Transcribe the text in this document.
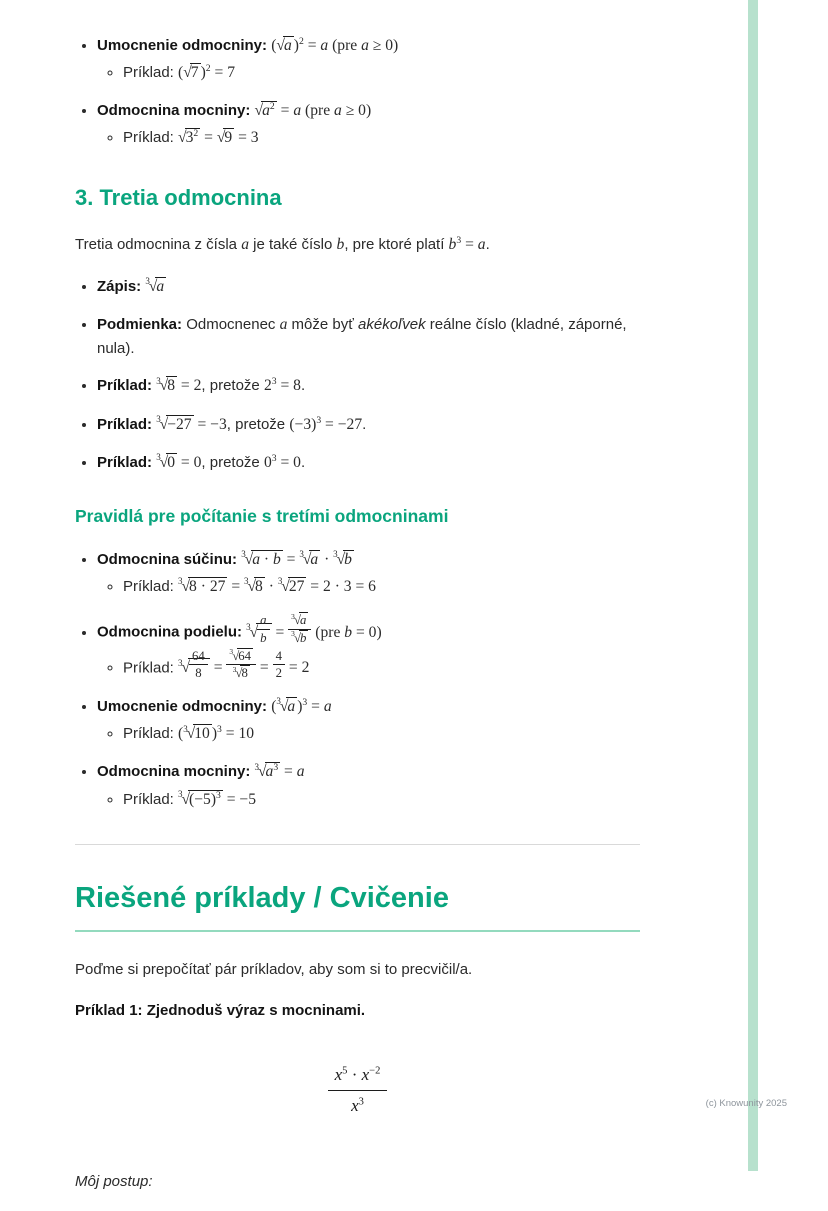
• Umocnenie odmocniny: (√a )$^2$ = a (pre a ≥ 0)
◦ Príklad: (√7 )$^2$ = 7
• Odmocnina mocniny: $√a^2 = a$ (pre a ≥ 0)
◦ Príklad: $√3^2 = √9 = 3$
3. Tretia odmocnina

Tretia odmocnina z čísla a je také číslo b, pre ktoré platí $b^3 = a$.

• Zápis: $^3$√a
• Podmienka: Odmocnenec a môže byť akékoľvek reálne číslo (kladné, záporné, nula).
• Príklad: $^3$√8 = 2, pretože $2^3 = 8$.
• Príklad: $^3$√−27 = −3, pretože $(-3)^3 = -27$.
• Príklad: $^3$√0 = 0, pretože $0^3 = 0$.
Pravidlá pre počítanie s tretími odmocninami
• Odmocnina súčinu: $^3$√a · b = $^3$√a · $^3$√b
◦ Príklad: $^3$√8 · 27 = $^3$√8 · $^3$√27 = 2 · 3 = 6
• Odmocnina podielu: $^3√ \frac{a}{b} = \frac{^3√a}{^3√b} (pre$ b = 0)
◦ Príklad: $^3√ \frac{64}{8} = \frac{^3√64}{^3√8} = \frac{4}{2} = 2$
• Umocnenie odmocniny: ($^3$√a )$^3$ = a
◦ Príklad: ($^3$√10 )$^3$ = 10
• Odmocnina mocniny: $^3√a^3 = a$
◦ Príklad: $^3√(-5)^3 = -5$
Riešené príklady / Cvičenie

Poďme si prepočítať pár príkladov, aby som si to precvičil/a.

Príklad 1: Zjednoduš výraz s mocninami.

$\frac{x^5 \cdot x^{-2}}{x^3}$

Môj postup:

(c) Knowunity 2025
